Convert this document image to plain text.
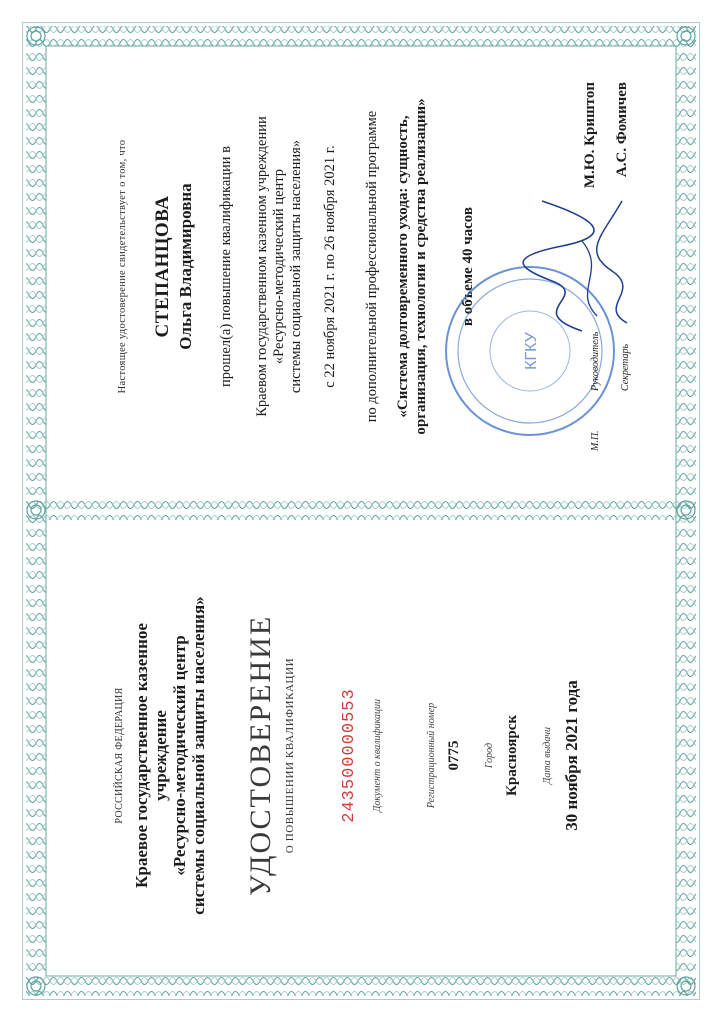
РОССИЙСКАЯ ФЕДЕРАЦИЯ Краевое государственное казенное учреждение «Ресурсно-методический центр системы социальной защиты населения» УДОСТОВЕРЕНИЕ О ПОВЫШЕНИИ КВАЛИФИКАЦИИ	243500000553 Документ о квалификации	Регистрационный номер 0775 Город Красноярск Дата выдачи 30 ноября 2021 года
Настоящее удостоверение свидетельствует о том, что СТЕПАНЦОВА Ольга Владимировна прошел(а) повышение квалификации в Краевом государственном казенном учреждении «Ресурсно-методический центр системы социальной защиты населения» с 22 ноября 2021 г. по 26 ноября 2021 г. по дополнительной профессиональной программе «Система долговременного ухода: сущность, организация, технологии и средства реализации» в объеме 40 часов
КГКУ
М.П.
Руководитель
М.Ю. Криштоп
Секретарь
А.С. Фомичев
